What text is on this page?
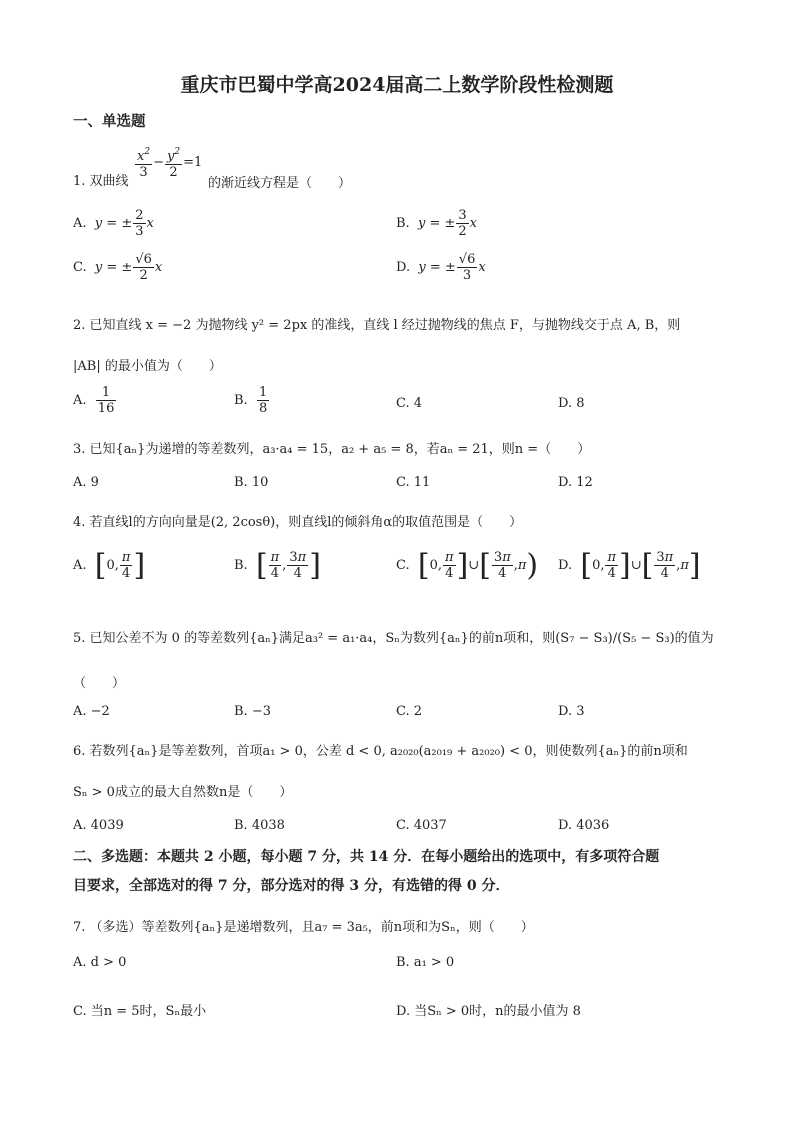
重庆市巴蜀中学高2024届高二上数学阶段性检测题
一、单选题
1. 双曲线
$\frac{x^2}{3} - \frac{y^2}{2} =1$
的渐近线方程是（　　）
A.  y = ± $\frac{2}{3}$ x	B.  y = ± $\frac{3}{2}$ x
C.  y = ± $\frac{√6}{2}$ x	D.  y = ± $\frac{√6}{3}$ x
2. 已知直线 x = −2 为抛物线 y² = 2px 的准线，直线 l 经过抛物线的焦点 F，与抛物线交于点 A, B，则
|AB| 的最小值为（　　）
A. $\frac{1}{16}$	B. $\frac{1}{8}$	C. 4	D. 8
3. 已知{aₙ}为递增的等差数列，a₃·a₄ = 15，a₂ + a₅ = 8，若aₙ = 21，则n =（　　）
A. 9	B. 10	C. 11	D. 12
4. 若直线l的方向向量是(2, 2cosθ)，则直线l的倾斜角α的取值范围是（　　）
A.  [0, $\frac{\pi}{4}$ ]	B.  [ $\frac{\pi}{4}$ , $\frac{3\pi}{4}$ ]	C.  [0, $\frac{\pi}{4}$ ]∪[ $\frac{3\pi}{4} ,\pi$) D.  [0, $\frac{\pi}{4}$ ]∪[ $\frac{3\pi}{4} ,\pi$]
5. 已知公差不为 0 的等差数列{aₙ}满足a₃² = a₁·a₄，Sₙ为数列{aₙ}的前n项和，则(S₇ − S₃)/(S₅ − S₃)的值为
（　　）
A. −2	B. −3	C. 2	D. 3
6. 若数列{aₙ}是等差数列，首项a₁ > 0，公差 d < 0, a₂₀₂₀(a₂₀₁₉ + a₂₀₂₀) < 0，则使数列{aₙ}的前n项和
Sₙ > 0成立的最大自然数n是（　　）
A. 4039	B. 4038	C. 4037	D. 4036
二、多选题：本题共 2 小题，每小题 7 分，共 14 分．在每小题给出的选项中，有多项符合题
目要求，全部选对的得 7 分，部分选对的得 3 分，有选错的得 0 分．
7. （多选）等差数列{aₙ}是递增数列，且a₇ = 3a₅，前n项和为Sₙ，则（　　）
A. d > 0	B. a₁ > 0
C. 当n = 5时，Sₙ最小	D. 当Sₙ > 0时，n的最小值为 8
